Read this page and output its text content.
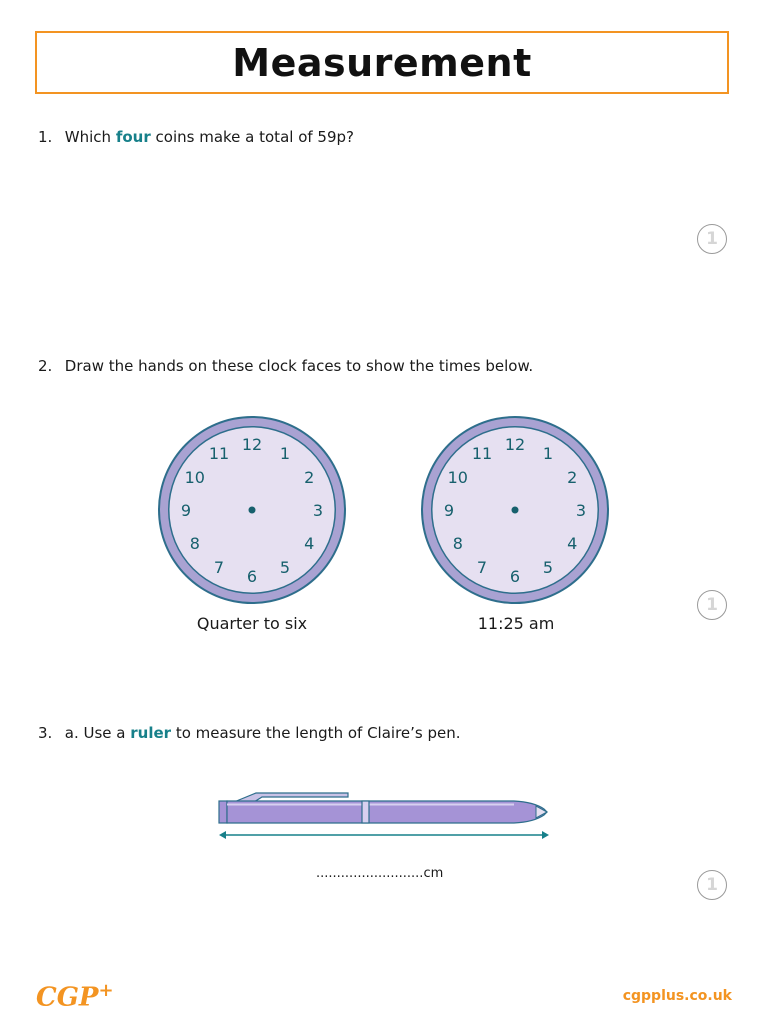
Measurement
1. Which four coins make a total of 59p?
1
2. Draw the hands on these clock faces to show the times below.
12 1
2
3
4
5
6
7
8
9
10
11	12 1
2
3
4
5
6
7
8
9
10
11
Quarter to six	11:25 am
1
3. a. Use a ruler to measure the length of Claire’s pen.
..........................cm
1
CGP+	cgpplus.co.uk
